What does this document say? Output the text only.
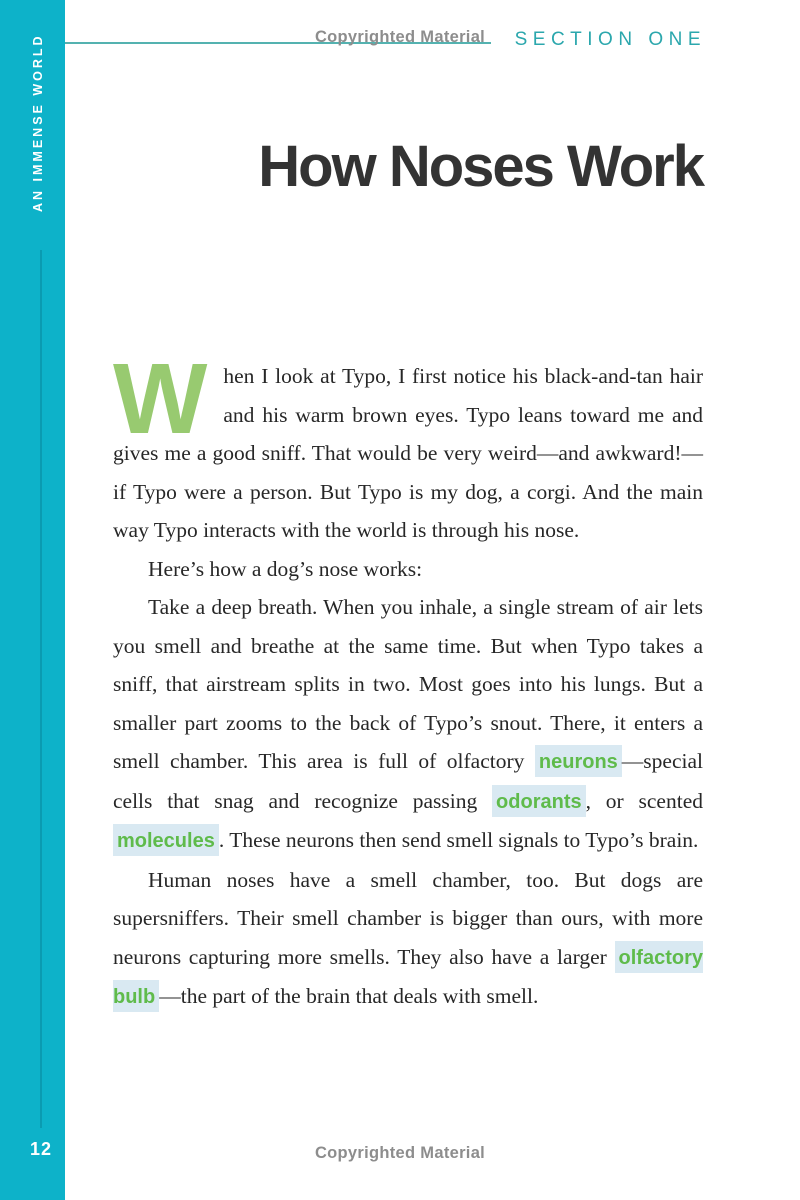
AN IMMENSE WORLD
12
Copyrighted Material SECTION ONE
How Noses Work

When I look at Typo, I first notice his black-and-tan hair and his warm brown eyes. Typo leans toward me and gives me a good sniff. That would be very weird—and awkward!—if Typo were a person. But Typo is my dog, a corgi. And the main way Typo interacts with the world is through his nose.

Here’s how a dog’s nose works:

Take a deep breath. When you inhale, a single stream of air lets you smell and breathe at the same time. But when Typo takes a sniff, that airstream splits in two. Most goes into his lungs. But a smaller part zooms to the back of Typo’s snout. There, it enters a smell chamber. This area is full of olfactory neurons —special cells that snag and recognize passing odorants , or scented molecules . These neurons then send smell signals to Typo’s brain.

Human noses have a smell chamber, too. But dogs are supersniffers. Their smell chamber is bigger than ours, with more neurons capturing more smells. They also have a larger olfactory bulb —the part of the brain that deals with smell.

Copyrighted Material
